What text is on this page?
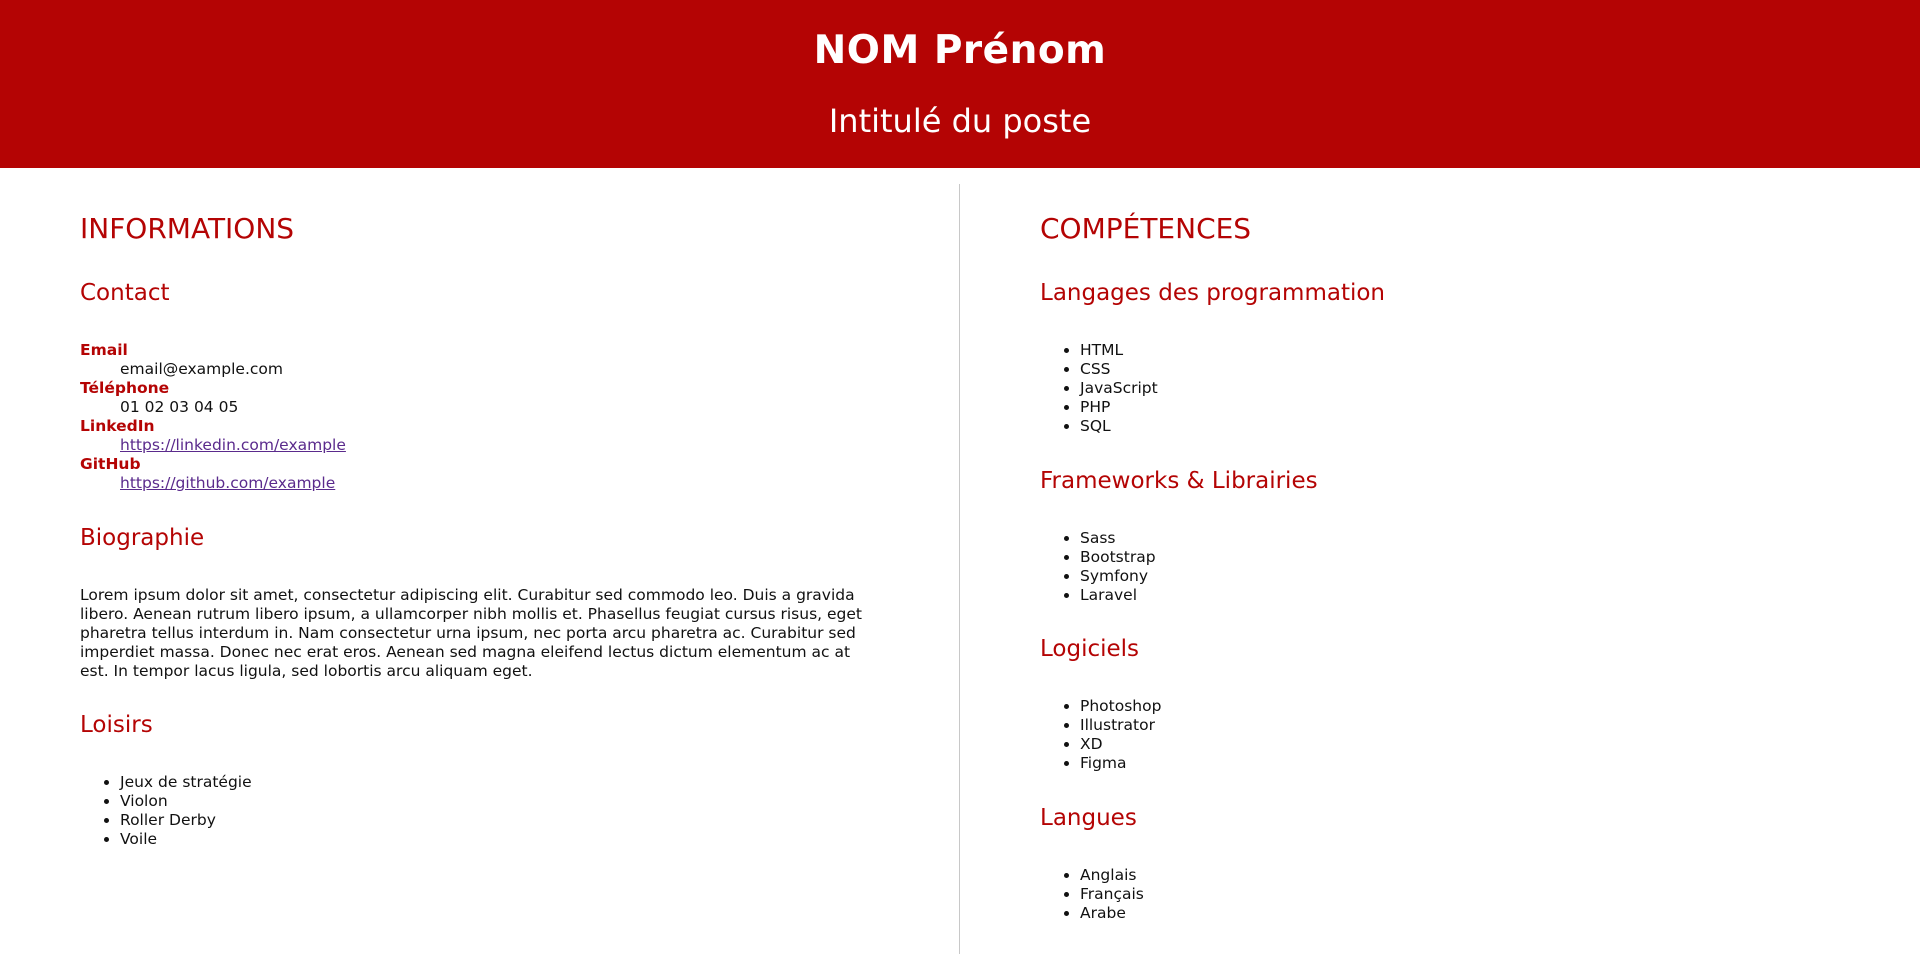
NOM Prénom
Intitulé du poste
INFORMATIONS
Contact
Email
email@example.com
Téléphone
01 02 03 04 05
LinkedIn
https://linkedin.com/example
GitHub
https://github.com/example
Biographie

Lorem ipsum dolor sit amet, consectetur adipiscing elit. Curabitur sed commodo leo. Duis a gravida libero. Aenean rutrum libero ipsum, a ullamcorper nibh mollis et. Phasellus feugiat cursus risus, eget pharetra tellus interdum in. Nam consectetur urna ipsum, nec porta arcu pharetra ac. Curabitur sed imperdiet massa. Donec nec erat eros. Aenean sed magna eleifend lectus dictum elementum ac at est. In tempor lacus ligula, sed lobortis arcu aliquam eget.

Loisirs
• Jeux de stratégie
• Violon
• Roller Derby
• Voile
COMPÉTENCES
Langages des programmation
• HTML
• CSS
• JavaScript
• PHP
• SQL
Frameworks & Librairies
• Sass
• Bootstrap
• Symfony
• Laravel
Logiciels
• Photoshop
• Illustrator
• XD
• Figma
Langues
• Anglais
• Français
• Arabe
